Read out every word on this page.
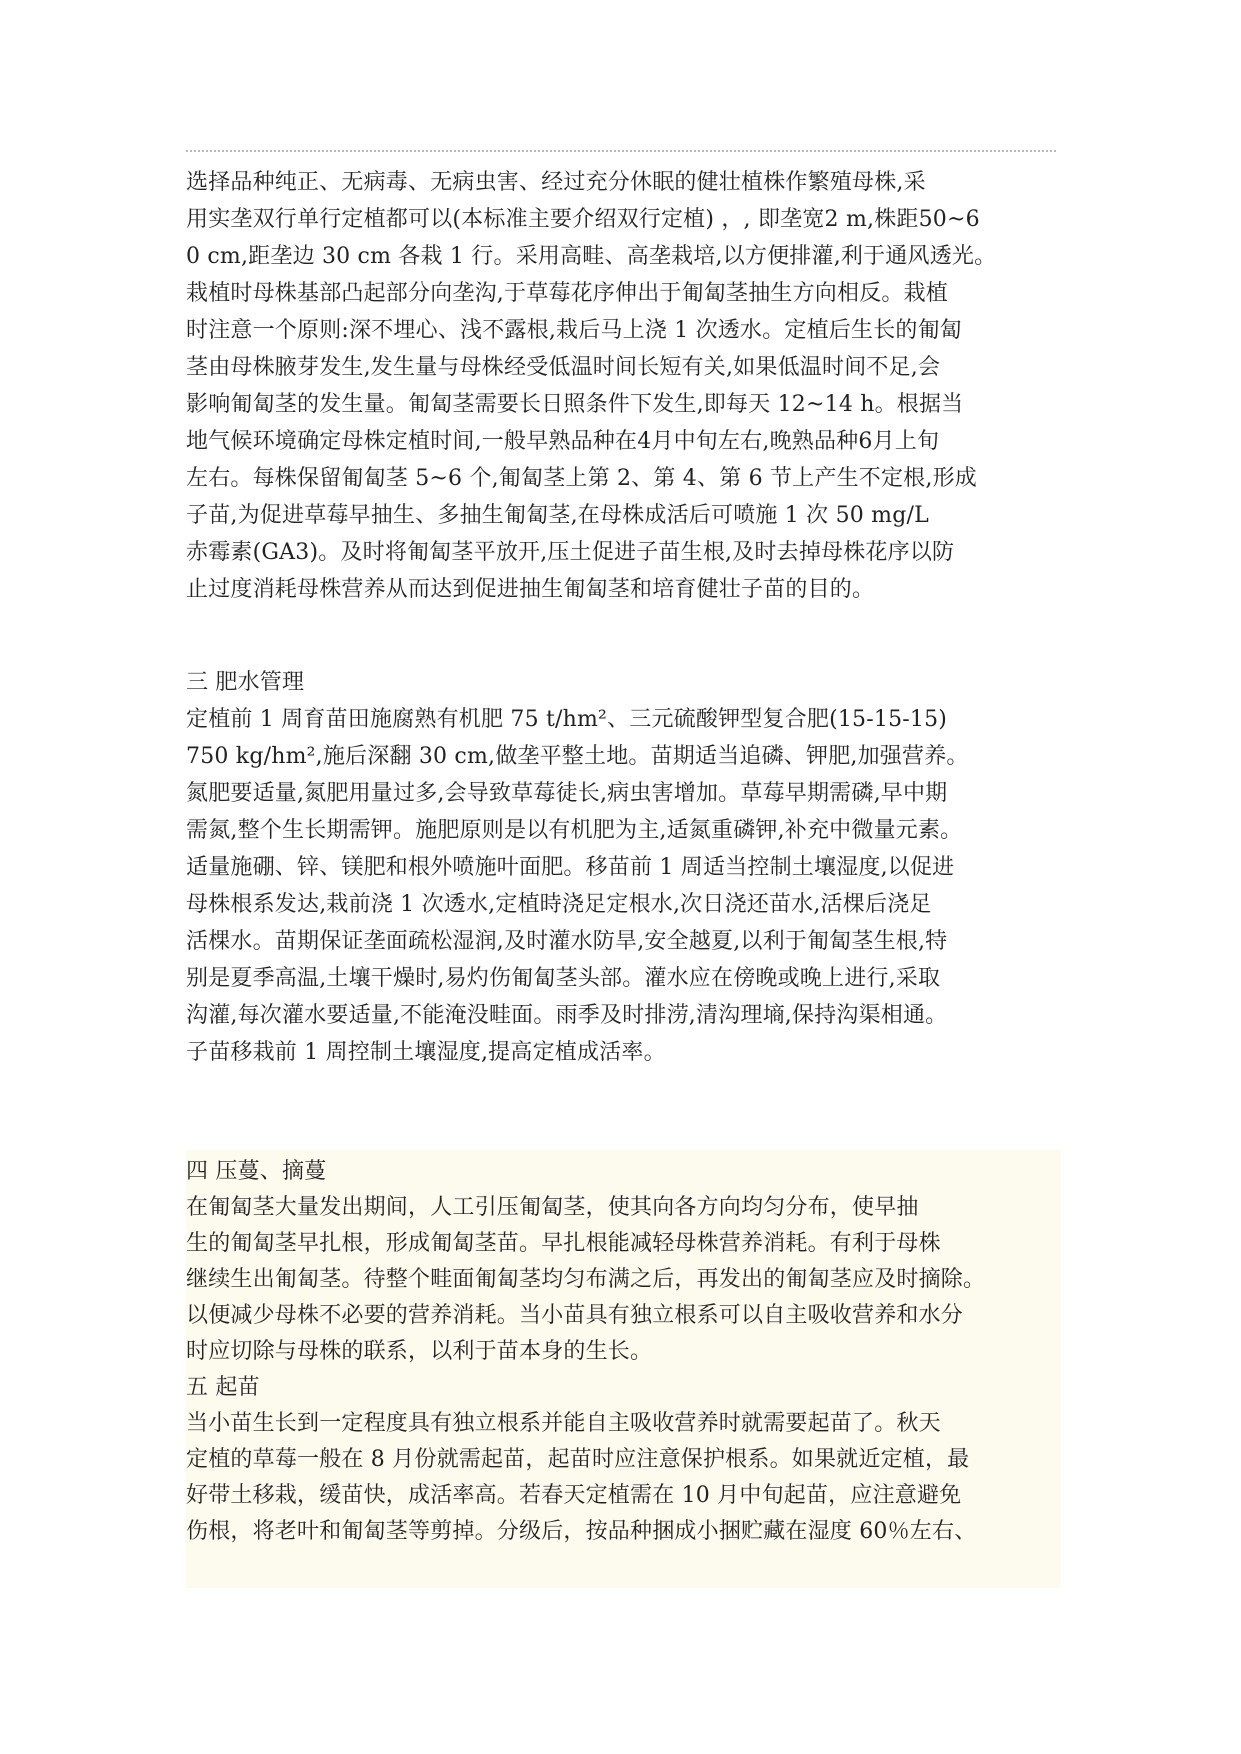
选择品种纯正、无病毒、无病虫害、经过充分休眠的健壮植株作繁殖母株,采
用实垄双行单行定植都可以(本标准主要介绍双行定植) ，, 即垄宽2 m,株距50~6
0 cm,距垄边 30 cm 各栽 1 行。采用高畦、高垄栽培,以方便排灌,利于通风透光。
栽植时母株基部凸起部分向垄沟,于草莓花序伸出于匍匐茎抽生方向相反。栽植
时注意一个原则:深不埋心、浅不露根,栽后马上浇 1 次透水。定植后生长的匍匐
茎由母株腋芽发生,发生量与母株经受低温时间长短有关,如果低温时间不足,会
影响匍匐茎的发生量。匍匐茎需要长日照条件下发生,即每天 12~14 h。根据当
地气候环境确定母株定植时间,一般早熟品种在4月中旬左右,晚熟品种6月上旬
左右。每株保留匍匐茎 5~6 个,匍匐茎上第 2、第 4、第 6 节上产生不定根,形成
子苗,为促进草莓早抽生、多抽生匍匐茎,在母株成活后可喷施 1 次 50 mg/L
赤霉素(GA3)。及时将匍匐茎平放开,压土促进子苗生根,及时去掉母株花序以防
止过度消耗母株营养从而达到促进抽生匍匐茎和培育健壮子苗的目的。
三 肥水管理
定植前 1 周育苗田施腐熟有机肥 75 t/hm²、三元硫酸钾型复合肥(15-15-15)
750 kg/hm²,施后深翻 30 cm,做垄平整土地。苗期适当追磷、钾肥,加强营养。
氮肥要适量,氮肥用量过多,会导致草莓徒长,病虫害增加。草莓早期需磷,早中期
需氮,整个生长期需钾。施肥原则是以有机肥为主,适氮重磷钾,补充中微量元素。
适量施硼、锌、镁肥和根外喷施叶面肥。移苗前 1 周适当控制土壤湿度,以促进
母株根系发达,栽前浇 1 次透水,定植時浇足定根水,次日浇还苗水,活棵后浇足
活棵水。苗期保证垄面疏松湿润,及时灌水防旱,安全越夏,以利于匍匐茎生根,特
别是夏季高温,土壤干燥时,易灼伤匍匐茎头部。灌水应在傍晚或晚上进行,采取
沟灌,每次灌水要适量,不能淹没畦面。雨季及时排涝,清沟理墒,保持沟渠相通。
子苗移栽前 1 周控制土壤湿度,提高定植成活率。
四 压蔓、摘蔓
在匍匐茎大量发出期间，人工引压匍匐茎，使其向各方向均匀分布，使早抽
生的匍匐茎早扎根，形成匍匐茎苗。早扎根能减轻母株营养消耗。有利于母株
继续生出匍匐茎。待整个畦面匍匐茎均匀布满之后，再发出的匍匐茎应及时摘除。
以便减少母株不必要的营养消耗。当小苗具有独立根系可以自主吸收营养和水分
时应切除与母株的联系，以利于苗本身的生长。
五 起苗
当小苗生长到一定程度具有独立根系并能自主吸收营养时就需要起苗了。秋天
定植的草莓一般在 8 月份就需起苗，起苗时应注意保护根系。如果就近定植，最
好带土移栽，缓苗快，成活率高。若春天定植需在 10 月中旬起苗，应注意避免
伤根，将老叶和匍匐茎等剪掉。分级后，按品种捆成小捆贮藏在湿度 60％左右、
